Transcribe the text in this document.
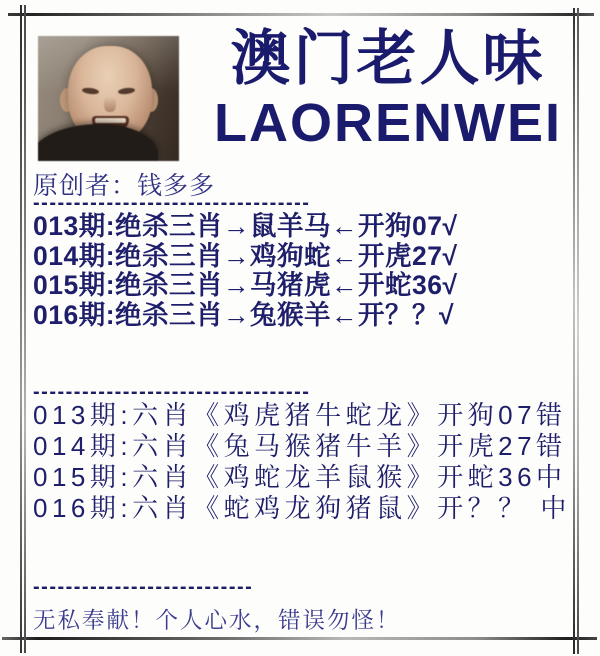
澳门老人味
LAORENWEI
原创者：钱多多
----------------------------------
013期:绝杀三肖→鼠羊马←开狗07√
014期:绝杀三肖→鸡狗蛇←开虎27√
015期:绝杀三肖→马猪虎←开蛇36√
016期:绝杀三肖→兔猴羊←开？？√
----------------------------------
013期:六肖《鸡虎猪牛蛇龙》开狗07错
014期:六肖《兔马猴猪牛羊》开虎27错
015期:六肖《鸡蛇龙羊鼠猴》开蛇36中
016期:六肖《蛇鸡龙狗猪鼠》开？？ 中
---------------------------
无私奉献！个人心水，错误勿怪！
